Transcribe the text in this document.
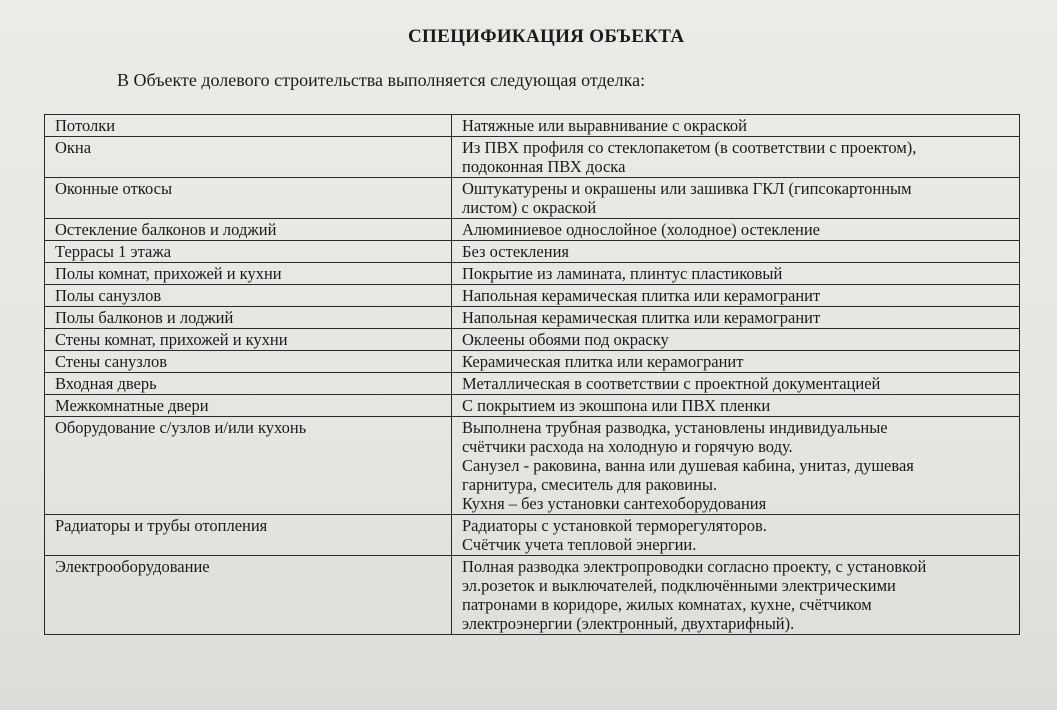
СПЕЦИФИКАЦИЯ ОБЪЕКТА
В Объекте долевого строительства выполняется следующая отделка:
Потолки	Натяжные или выравнивание с окраской

Окна	Из ПВХ профиля со стеклопакетом (в соответствии с проектом),
подоконная ПВХ доска

Оконные откосы	Оштукатурены и окрашены или зашивка ГКЛ (гипсокартонным
листом) с окраской

Остекление балконов и лоджий	Алюминиевое однослойное (холодное) остекление

Террасы 1 этажа	Без остекления

Полы комнат, прихожей и кухни	Покрытие из ламината, плинтус пластиковый

Полы санузлов	Напольная керамическая плитка или керамогранит

Полы балконов и лоджий	Напольная керамическая плитка или керамогранит

Стены комнат, прихожей и кухни	Оклеены обоями под окраску

Стены санузлов	Керамическая плитка или керамогранит

Входная дверь	Металлическая в соответствии с проектной документацией

Межкомнатные двери	С покрытием из экошпона или ПВХ пленки

Оборудование с/узлов и/или кухонь	Выполнена трубная разводка, установлены индивидуальные
счётчики расхода на холодную и горячую воду.
Санузел - раковина, ванна или душевая кабина, унитаз, душевая
гарнитура, смеситель для раковины.
Кухня – без установки сантехоборудования

Радиаторы и трубы отопления	Радиаторы с установкой терморегуляторов.
Счётчик учета тепловой энергии.

Электрооборудование	Полная разводка электропроводки согласно проекту, с установкой
эл.розеток и выключателей, подключёнными электрическими
патронами в коридоре, жилых комнатах, кухне, счётчиком
электроэнергии (электронный, двухтарифный).
